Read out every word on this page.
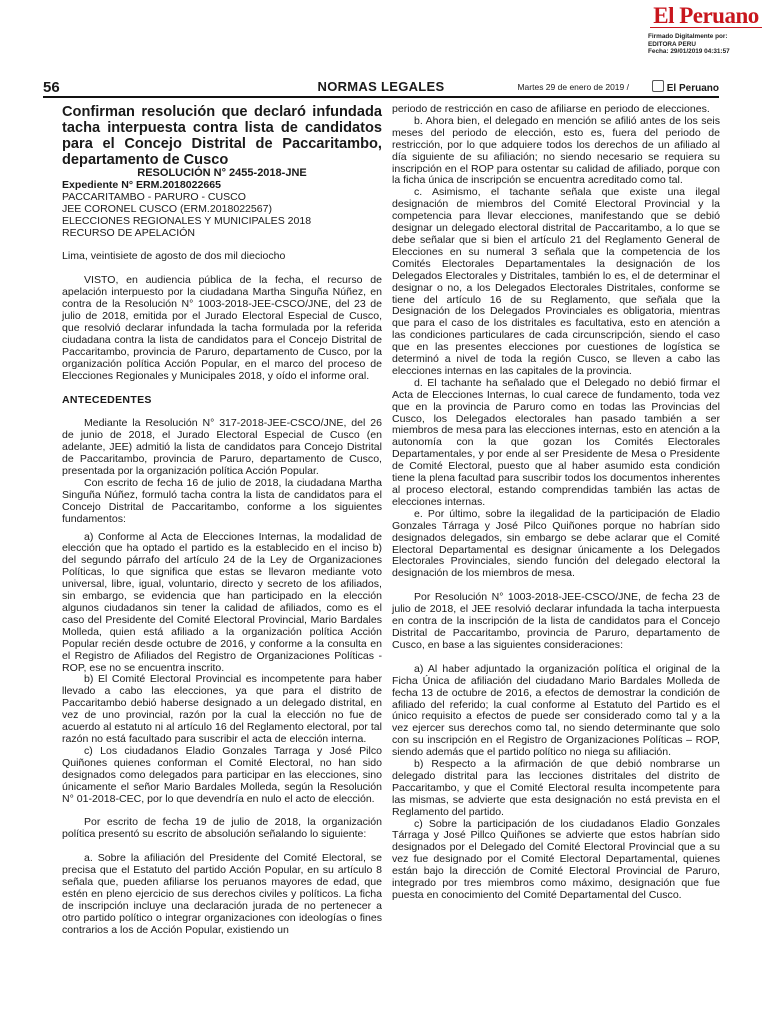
El Peruano
Firmado Digitalmente por:
EDITORA PERU
Fecha: 29/01/2019 04:31:57
56	NORMAS LEGALES	Martes 29 de enero de 2019 /	El Peruano

Confirman resolución que declaró infundada tacha interpuesta contra lista de candidatos para el Concejo Distrital de Paccaritambo, departamento de Cusco

RESOLUCIÓN N° 2455-2018-JNE

Expediente N° ERM.2018022665

PACCARITAMBO - PARURO - CUSCO

JEE CORONEL CUSCO (ERM.2018022567)

ELECCIONES REGIONALES Y MUNICIPALES 2018

RECURSO DE APELACIÓN

Lima, veintisiete de agosto de dos mil dieciocho

VISTO, en audiencia pública de la fecha, el recurso de apelación interpuesto por la ciudadana Martha Singuña Núñez, en contra de la Resolución N° 1003-2018-JEE-CSCO/JNE, del 23 de julio de 2018, emitida por el Jurado Electoral Especial de Cusco, que resolvió declarar infundada la tacha formulada por la referida ciudadana contra la lista de candidatos para el Concejo Distrital de Paccaritambo, provincia de Paruro, departamento de Cusco, por la organización política Acción Popular, en el marco del proceso de Elecciones Regionales y Municipales 2018, y oído el informe oral.

ANTECEDENTES

Mediante la Resolución N° 317-2018-JEE-CSCO/JNE, del 26 de junio de 2018, el Jurado Electoral Especial de Cusco (en adelante, JEE) admitió la lista de candidatos para Concejo Distrital de Paccaritambo, provincia de Paruro, departamento de Cusco, presentada por la organización política Acción Popular.

Con escrito de fecha 16 de julio de 2018, la ciudadana Martha Singuña Núñez, formuló tacha contra la lista de candidatos para el Concejo Distrital de Paccaritambo, conforme a los siguientes fundamentos:

a) Conforme al Acta de Elecciones Internas, la modalidad de elección que ha optado el partido es la establecido en el inciso b) del segundo párrafo del artículo 24 de la Ley de Organizaciones Políticas, lo que significa que estas se llevaron mediante voto universal, libre, igual, voluntario, directo y secreto de los afiliados, sin embargo, se evidencia que han participado en la elección algunos ciudadanos sin tener la calidad de afiliados, como es el caso del Presidente del Comité Electoral Provincial, Mario Bardales Molleda, quien está afiliado a la organización política Acción Popular recién desde octubre de 2016, y conforme a la consulta en el Registro de Afiliados del Registro de Organizaciones Políticas - ROP, ese no se encuentra inscrito.

b) El Comité Electoral Provincial es incompetente para haber llevado a cabo las elecciones, ya que para el distrito de Paccaritambo debió haberse designado a un delegado distrital, en vez de uno provincial, razón por la cual la elección no fue de acuerdo al estatuto ni al artículo 16 del Reglamento electoral, por tal razón no está facultado para suscribir el acta de elección interna.

c) Los ciudadanos Eladio Gonzales Tarraga y José Pilco Quiñones quienes conforman el Comité Electoral, no han sido designados como delegados para participar en las elecciones, sino únicamente el señor Mario Bardales Molleda, según la Resolución N° 01-2018-CEC, por lo que devendría en nulo el acto de elección.

Por escrito de fecha 19 de julio de 2018, la organización política presentó su escrito de absolución señalando lo siguiente:

a. Sobre la afiliación del Presidente del Comité Electoral, se precisa que el Estatuto del partido Acción Popular, en su artículo 8 señala que, pueden afiliarse los peruanos mayores de edad, que estén en pleno ejercicio de sus derechos civiles y políticos. La ficha de inscripción incluye una declaración jurada de no pertenecer a otro partido político o integrar organizaciones con ideologías o fines contrarios a los de Acción Popular, existiendo un

periodo de restricción en caso de afiliarse en periodo de elecciones.

b. Ahora bien, el delegado en mención se afilió antes de los seis meses del periodo de elección, esto es, fuera del periodo de restricción, por lo que adquiere todos los derechos de un afiliado al día siguiente de su afiliación; no siendo necesario se requiera su inscripción en el ROP para ostentar su calidad de afiliado, porque con la ficha única de inscripción se encuentra acreditado como tal.

c. Asimismo, el tachante señala que existe una ilegal designación de miembros del Comité Electoral Provincial y la competencia para llevar elecciones, manifestando que se debió designar un delegado electoral distrital de Paccaritambo, a lo que se debe señalar que si bien el artículo 21 del Reglamento General de Elecciones en su numeral 3 señala que la competencia de los Comités Electorales Departamentales la designación de los Delegados Electorales y Distritales, también lo es, el de determinar el designar o no, a los Delegados Electorales Distritales, conforme se tiene del artículo 16 de su Reglamento, que señala que la Designación de los Delegados Provinciales es obligatoria, mientras que para el caso de los distritales es facultativa, esto en atención a las condiciones particulares de cada circunscripción, siendo el caso que en las presentes elecciones por cuestiones de logística se determinó a nivel de toda la región Cusco, se lleven a cabo las elecciones internas en las capitales de la provincia.

d. El tachante ha señalado que el Delegado no debió firmar el Acta de Elecciones Internas, lo cual carece de fundamento, toda vez que en la provincia de Paruro como en todas las Provincias del Cusco, los Delegados electorales han pasado también a ser miembros de mesa para las elecciones internas, esto en atención a la autonomía con la que gozan los Comités Electorales Departamentales, y por ende al ser Presidente de Mesa o Presidente de Comité Electoral, puesto que al haber asumido esta condición tiene la plena facultad para suscribir todos los documentos inherentes al proceso electoral, estando comprendidas también las actas de elecciones internas.

e. Por último, sobre la ilegalidad de la participación de Eladio Gonzales Tárraga y José Pilco Quiñones porque no habrían sido designados delegados, sin embargo se debe aclarar que el Comité Electoral Departamental es designar únicamente a los Delegados Electorales Provinciales, siendo función del delegado electoral la designación de los miembros de mesa.

Por Resolución N° 1003-2018-JEE-CSCO/JNE, de fecha 23 de julio de 2018, el JEE resolvió declarar infundada la tacha interpuesta en contra de la inscripción de la lista de candidatos para el Concejo Distrital de Paccaritambo, provincia de Paruro, departamento de Cusco, en base a las siguientes consideraciones:

a) Al haber adjuntado la organización política el original de la Ficha Única de afiliación del ciudadano Mario Bardales Molleda de fecha 13 de octubre de 2016, a efectos de demostrar la condición de afiliado del referido; la cual conforme al Estatuto del Partido es el único requisito a efectos de puede ser considerado como tal y a la vez ejercer sus derechos como tal, no siendo determinante que solo con su inscripción en el Registro de Organizaciones Políticas – ROP, siendo además que el partido político no niega su afiliación.

b) Respecto a la afirmación de que debió nombrarse un delegado distrital para las lecciones distritales del distrito de Paccaritambo, y que el Comité Electoral resulta incompetente para las mismas, se advierte que esta designación no está prevista en el Reglamento del partido.

c) Sobre la participación de los ciudadanos Eladio Gonzales Tárraga y José Pillco Quiñones se advierte que estos habrían sido designados por el Delegado del Comité Electoral Provincial que a su vez fue designado por el Comité Electoral Departamental, quienes están bajo la dirección de Comité Electoral Provincial de Paruro, integrado por tres miembros como máximo, designación que fue puesta en conocimiento del Comité Departamental del Cusco.
